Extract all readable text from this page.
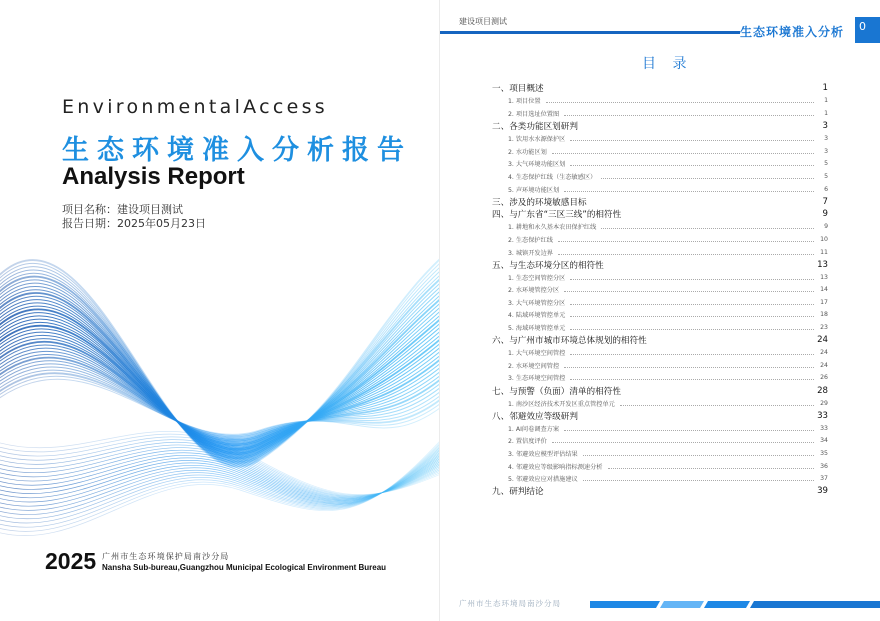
EnvironmentalAccess
生态环境准入分析报告
Analysis Report
项目名称：建设项目测试
报告日期：2025年05月23日
2025 广州市生态环境保护局南沙分局
Nansha Sub-bureau,Guangzhou Municipal Ecological Environment Bureau
建设项目测试
生态环境准入分析	0
目 录
一、项目概述	1
1. 项目位置	1
2. 项目选址位置图	1
二、各类功能区划研判	3
1. 饮用水水源保护区	3
2. 水功能区划	3
3. 大气环境功能区划	5
4. 生态保护红线（生态敏感区）	5
5. 声环境功能区划	6
三、涉及的环境敏感目标	7
四、与广东省“三区三线”的相符性	9
1. 耕地和永久基本农田保护红线	9
2. 生态保护红线	10
3. 城镇开发边界	11
五、与生态环境分区的相符性	13
1. 生态空间管控分区	13
2. 水环境管控分区	14
3. 大气环境管控分区	17
4. 陆域环境管控单元	18
5. 海域环境管控单元	23
六、与广州市城市环境总体规划的相符性	24
1. 大气环境空间管控	24
2. 水环境空间管控	24
3. 生态环境空间管控	26
七、与预警（负面）清单的相符性	28
1. 南沙区经济技术开发区重点管控单元	29
八、邻避效应等级研判	33
1. AI问卷调查方案	33
2. 置信度评价	34
3. 邻避效应模型评估结果	35
4. 邻避效应等级影响指标测速分析	36
5. 邻避效应应对措施建议	37
九、研判结论	39
广州市生态环境局南沙分局
